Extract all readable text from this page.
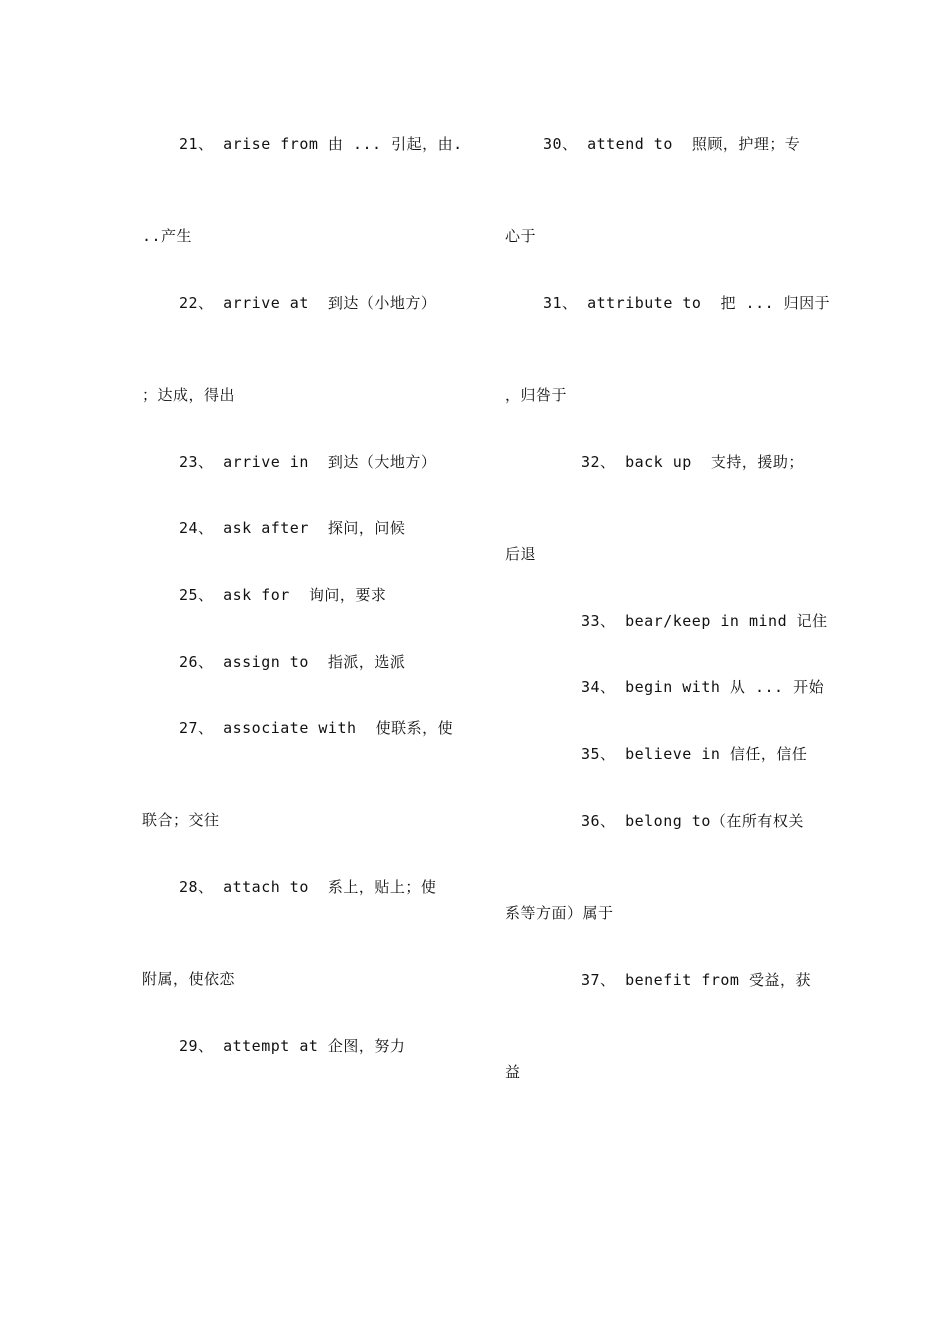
21、 arise from 由 ... 引起，由.
..产生
22、 arrive at  到达（小地方）
；达成，得出
23、 arrive in  到达（大地方）
24、 ask after  探问，问候
25、 ask for  询问，要求
26、 assign to  指派，选派
27、 associate with  使联系，使
联合；交往
28、 attach to  系上，贴上；使
附属，使依恋
29、 attempt at 企图，努力
30、 attend to  照顾，护理；专
心于
31、 attribute to  把 ... 归因于
，归咎于
32、 back up  支持，援助；
后退
33、 bear/keep in mind 记住
34、 begin with 从 ... 开始
35、 believe in 信任，信任
36、 belong to（在所有权关
系等方面）属于
37、 benefit from 受益，获
益
